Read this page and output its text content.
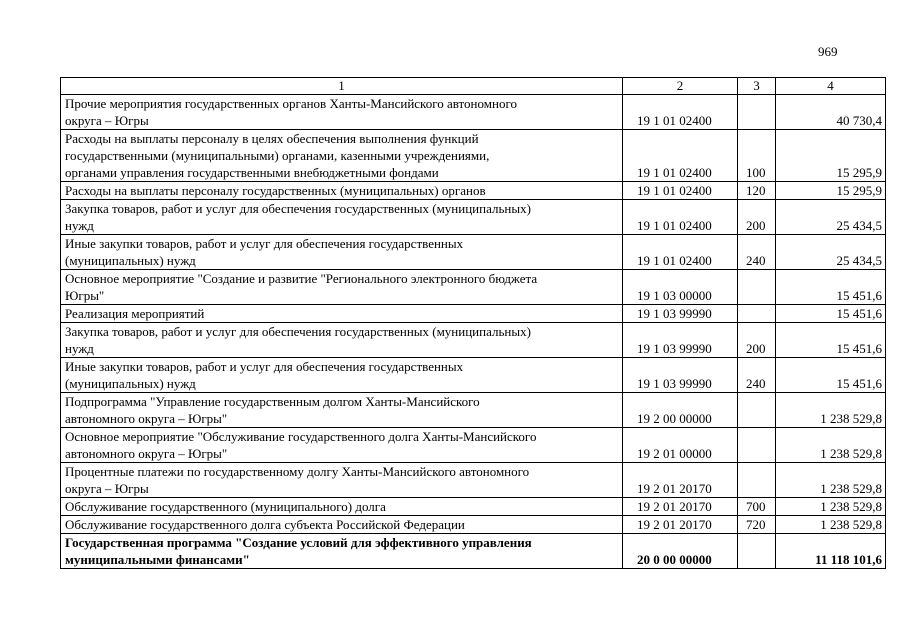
969
1	2	3	4

Прочие мероприятия государственных органов Ханты-Мансийского автономного
округа – Югры	19 1 01 02400		40 730,4

Расходы на выплаты персоналу в целях обеспечения выполнения функций
государственными (муниципальными) органами, казенными учреждениями,
органами управления государственными внебюджетными фондами	19 1 01 02400	100	15 295,9

Расходы на выплаты персоналу государственных (муниципальных) органов	19 1 01 02400	120	15 295,9

Закупка товаров, работ и услуг для обеспечения государственных (муниципальных)
нужд	19 1 01 02400	200	25 434,5

Иные закупки товаров, работ и услуг для обеспечения государственных
(муниципальных) нужд	19 1 01 02400	240	25 434,5

Основное мероприятие "Создание и развитие "Регионального электронного бюджета
Югры"	19 1 03 00000		15 451,6

Реализация мероприятий	19 1 03 99990		15 451,6

Закупка товаров, работ и услуг для обеспечения государственных (муниципальных)
нужд	19 1 03 99990	200	15 451,6

Иные закупки товаров, работ и услуг для обеспечения государственных
(муниципальных) нужд	19 1 03 99990	240	15 451,6

Подпрограмма "Управление государственным долгом Ханты-Мансийского
автономного округа – Югры"	19 2 00 00000		1 238 529,8

Основное мероприятие "Обслуживание государственного долга Ханты-Мансийского
автономного округа – Югры"	19 2 01 00000		1 238 529,8

Процентные платежи по государственному долгу Ханты-Мансийского автономного
округа – Югры	19 2 01 20170		1 238 529,8

Обслуживание государственного (муниципального) долга	19 2 01 20170	700	1 238 529,8

Обслуживание государственного долга субъекта Российской Федерации	19 2 01 20170	720	1 238 529,8

Государственная программа "Создание условий для эффективного управления
муниципальными финансами"	20 0 00 00000		11 118 101,6
